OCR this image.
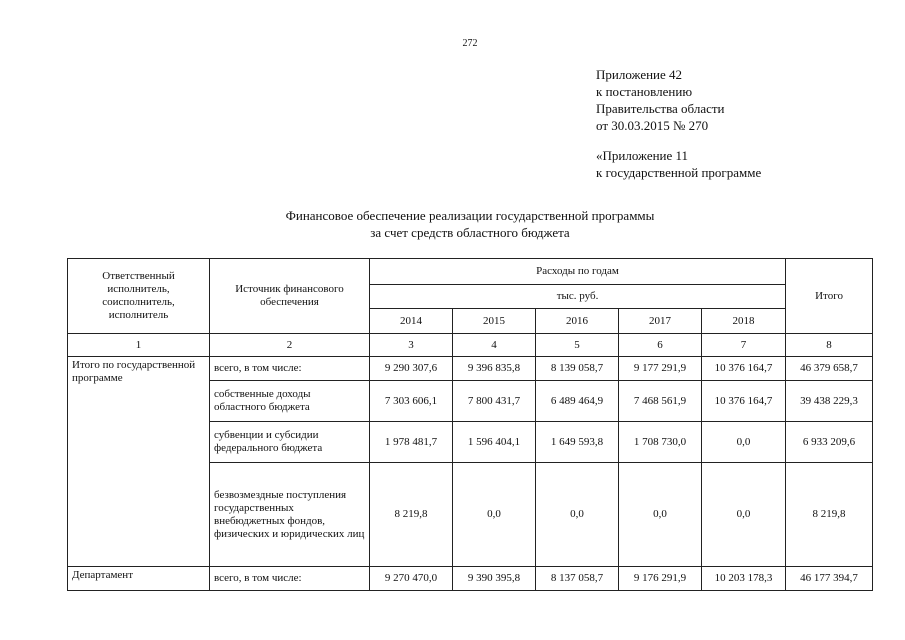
272
Приложение 42
к постановлению
Правительства области
от 30.03.2015 № 270
«Приложение 11
к государственной программе
Финансовое обеспечение реализации государственной программы
за счет средств областного бюджета
Ответственный исполнитель, соисполнитель, исполнитель	Источник финансового обеспечения	Расходы по годам					Итого
		тыс. руб.					
		2014	2015	2016	2017	2018	
1	2	3	4	5	6	7	8
Итого по государственной программе	всего, в том числе:	9 290 307,6	9 396 835,8	8 139 058,7	9 177 291,9	10 376 164,7	46 379 658,7
	собственные доходы областного бюджета	7 303 606,1	7 800 431,7	6 489 464,9	7 468 561,9	10 376 164,7	39 438 229,3
	субвенции и субсидии федерального бюджета	1 978 481,7	1 596 404,1	1 649 593,8	1 708 730,0	0,0	6 933 209,6
	безвозмездные поступления государственных внебюджетных фондов, физических и юридических лиц	8 219,8	0,0	0,0	0,0	0,0	8 219,8
Департамент	всего, в том числе:	9 270 470,0	9 390 395,8	8 137 058,7	9 176 291,9	10 203 178,3	46 177 394,7
